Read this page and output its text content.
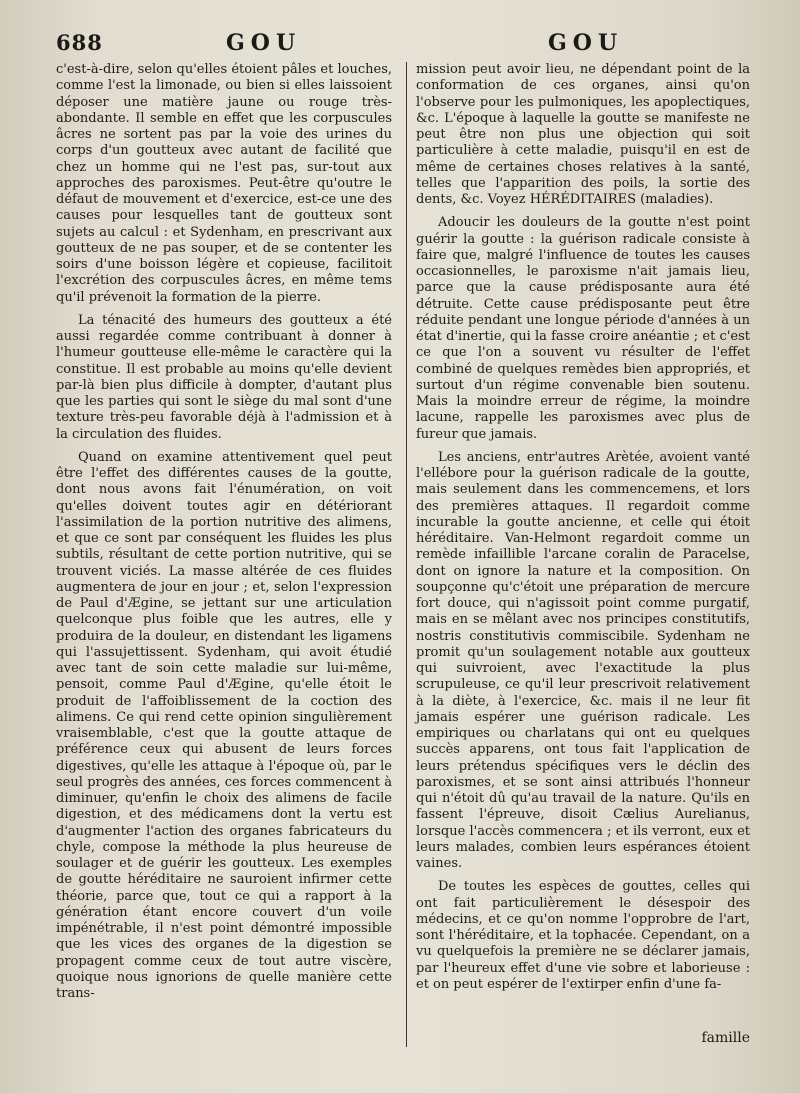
688	GOU	GOU

c'est-à-dire, selon qu'elles étoient pâles et louches, comme l'est la limonade, ou bien si elles laissoient déposer une matière jaune ou rouge très-abondante. Il semble en effet que les corpuscules âcres ne sortent pas par la voie des urines du corps d'un goutteux avec autant de facilité que chez un homme qui ne l'est pas, sur-tout aux approches des paroxismes. Peut-être qu'outre le défaut de mouvement et d'exercice, est-ce une des causes pour lesquelles tant de goutteux sont sujets au calcul : et Sydenham, en prescrivant aux goutteux de ne pas souper, et de se contenter les soirs d'une boisson légère et copieuse, facilitoit l'excrétion des corpuscules âcres, en même tems qu'il prévenoit la formation de la pierre.

La ténacité des humeurs des goutteux a été aussi regardée comme contribuant à donner à l'humeur goutteuse elle-même le caractère qui la constitue. Il est probable au moins qu'elle devient par-là bien plus difficile à dompter, d'autant plus que les parties qui sont le siège du mal sont d'une texture très-peu favorable déjà à l'admission et à la circulation des fluides.

Quand on examine attentivement quel peut être l'effet des différentes causes de la goutte, dont nous avons fait l'énumération, on voit qu'elles doivent toutes agir en détériorant l'assimilation de la portion nutritive des alimens, et que ce sont par conséquent les fluides les plus subtils, résultant de cette portion nutritive, qui se trouvent viciés. La masse altérée de ces fluides augmentera de jour en jour ; et, selon l'expression de Paul d'Ægine, se jettant sur une articulation quelconque plus foible que les autres, elle y produira de la douleur, en distendant les ligamens qui l'assujettissent. Sydenham, qui avoit étudié avec tant de soin cette maladie sur lui-même, pensoit, comme Paul d'Ægine, qu'elle étoit le produit de l'affoiblissement de la coction des alimens. Ce qui rend cette opinion singulièrement vraisemblable, c'est que la goutte attaque de préférence ceux qui abusent de leurs forces digestives, qu'elle les attaque à l'époque où, par le seul progrès des années, ces forces commencent à diminuer, qu'enfin le choix des alimens de facile digestion, et des médicamens dont la vertu est d'augmenter l'action des organes fabricateurs du chyle, compose la méthode la plus heureuse de soulager et de guérir les goutteux. Les exemples de goutte héréditaire ne sauroient infirmer cette théorie, parce que, tout ce qui a rapport à la génération étant encore couvert d'un voile impénétrable, il n'est point démontré impossible que les vices des organes de la digestion se propagent comme ceux de tout autre viscère, quoique nous ignorions de quelle manière cette trans-

mission peut avoir lieu, ne dépendant point de la conformation de ces organes, ainsi qu'on l'observe pour les pulmoniques, les apoplectiques, &c. L'époque à laquelle la goutte se manifeste ne peut être non plus une objection qui soit particulière à cette maladie, puisqu'il en est de même de certaines choses relatives à la santé, telles que l'apparition des poils, la sortie des dents, &c. Voyez HÉRÉDITAIRES (maladies).

Adoucir les douleurs de la goutte n'est point guérir la goutte : la guérison radicale consiste à faire que, malgré l'influence de toutes les causes occasionnelles, le paroxisme n'ait jamais lieu, parce que la cause prédisposante aura été détruite. Cette cause prédisposante peut être réduite pendant une longue période d'années à un état d'inertie, qui la fasse croire anéantie ; et c'est ce que l'on a souvent vu résulter de l'effet combiné de quelques remèdes bien appropriés, et surtout d'un régime convenable bien soutenu. Mais la moindre erreur de régime, la moindre lacune, rappelle les paroxismes avec plus de fureur que jamais.

Les anciens, entr'autres Arètée, avoient vanté l'ellébore pour la guérison radicale de la goutte, mais seulement dans les commencemens, et lors des premières attaques. Il regardoit comme incurable la goutte ancienne, et celle qui étoit héréditaire. Van-Helmont regardoit comme un remède infaillible l'arcane coralin de Paracelse, dont on ignore la nature et la composition. On soupçonne qu'c'étoit une préparation de mercure fort douce, qui n'agissoit point comme purgatif, mais en se mêlant avec nos principes constitutifs, nostris constitutivis commiscibile. Sydenham ne promit qu'un soulagement notable aux goutteux qui suivroient, avec l'exactitude la plus scrupuleuse, ce qu'il leur prescrivoit relativement à la diète, à l'exercice, &c. mais il ne leur fit jamais espérer une guérison radicale. Les empiriques ou charlatans qui ont eu quelques succès apparens, ont tous fait l'application de leurs prétendus spécifiques vers le déclin des paroxismes, et se sont ainsi attribués l'honneur qui n'étoit dû qu'au travail de la nature. Qu'ils en fassent l'épreuve, disoit Cælius Aurelianus, lorsque l'accès commencera ; et ils verront, eux et leurs malades, combien leurs espérances étoient vaines.

De toutes les espèces de gouttes, celles qui ont fait particulièrement le désespoir des médecins, et ce qu'on nomme l'opprobre de l'art, sont l'héréditaire, et la tophacée. Cependant, on a vu quelquefois la première ne se déclarer jamais, par l'heureux effet d'une vie sobre et laborieuse : et on peut espérer de l'extirper enfin d'une fa-

famille
